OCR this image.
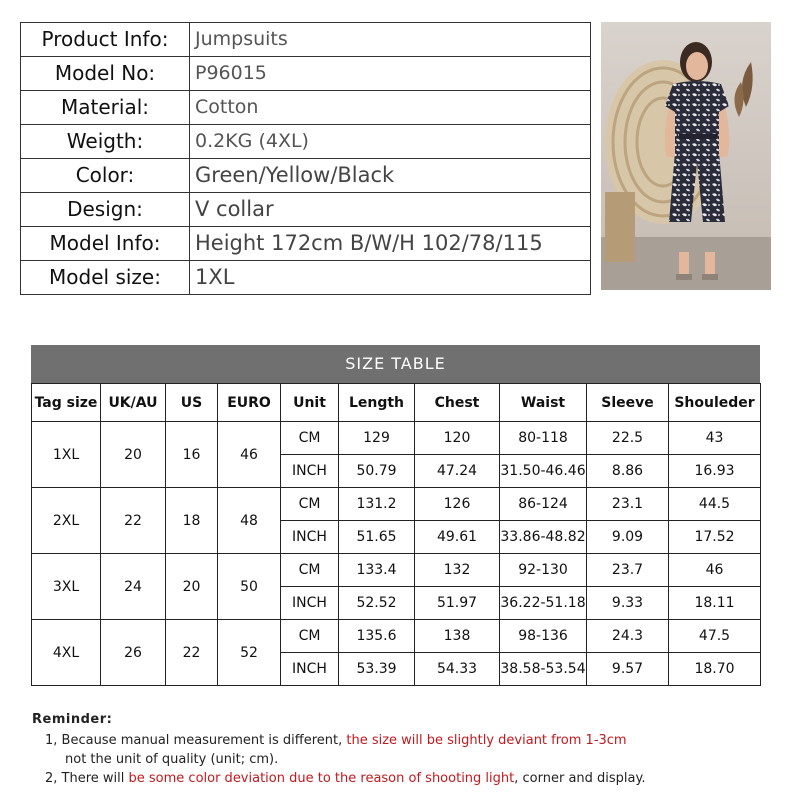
Product Info:	Jumpsuits
Model No:	P96015
Material:	Cotton
Weigth:	0.2KG (4XL)
Color:	Green/Yellow/Black
Design:	V collar
Model Info:	Height 172cm B/W/H 102/78/115
Model size:	1XL
SIZE TABLE
Tag size	UK/AU	US	EURO	Unit	Length	Chest	Waist	Sleeve	Shouleder
1XL	20	16	46	CM	129	120	80-118	22.5	43
				INCH	50.79	47.24	31.50-46.46	8.86	16.93
2XL	22	18	48	CM	131.2	126	86-124	23.1	44.5
				INCH	51.65	49.61	33.86-48.82	9.09	17.52
3XL	24	20	50	CM	133.4	132	92-130	23.7	46
				INCH	52.52	51.97	36.22-51.18	9.33	18.11
4XL	26	22	52	CM	135.6	138	98-136	24.3	47.5
				INCH	53.39	54.33	38.58-53.54	9.57	18.70
Reminder:
1, Because manual measurement is different, the size will be slightly deviant from 1-3cm
not the unit of quality (unit; cm).
2, There will be some color deviation due to the reason of shooting light, corner and display.
